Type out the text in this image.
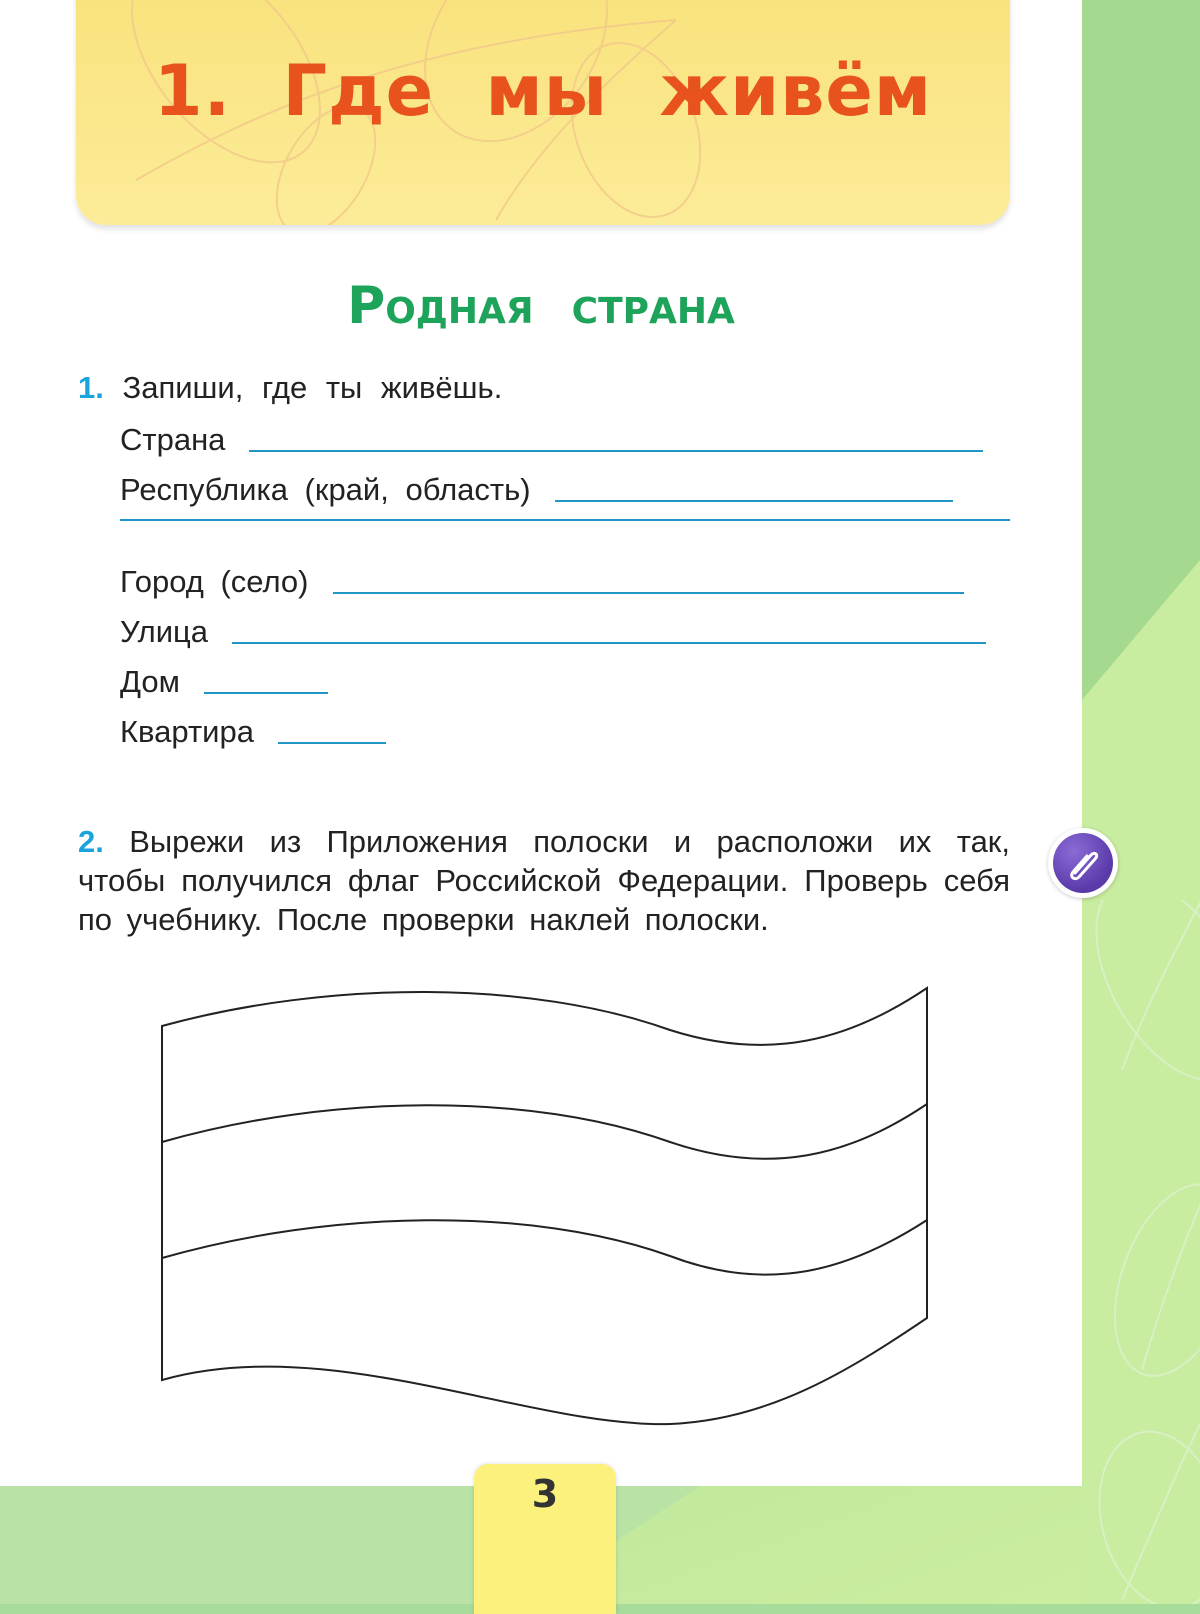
1. Где мы живём
Родная страна
1. Запиши, где ты живёшь.
Страна
Республика (край, область)
Город (село)
Улица
Дом
Квартира
2. Вырежи из Приложения полоски и расположи их так, чтобы получился флаг Российской Федерации. Проверь себя по учебнику. После проверки наклей полоски.
3
